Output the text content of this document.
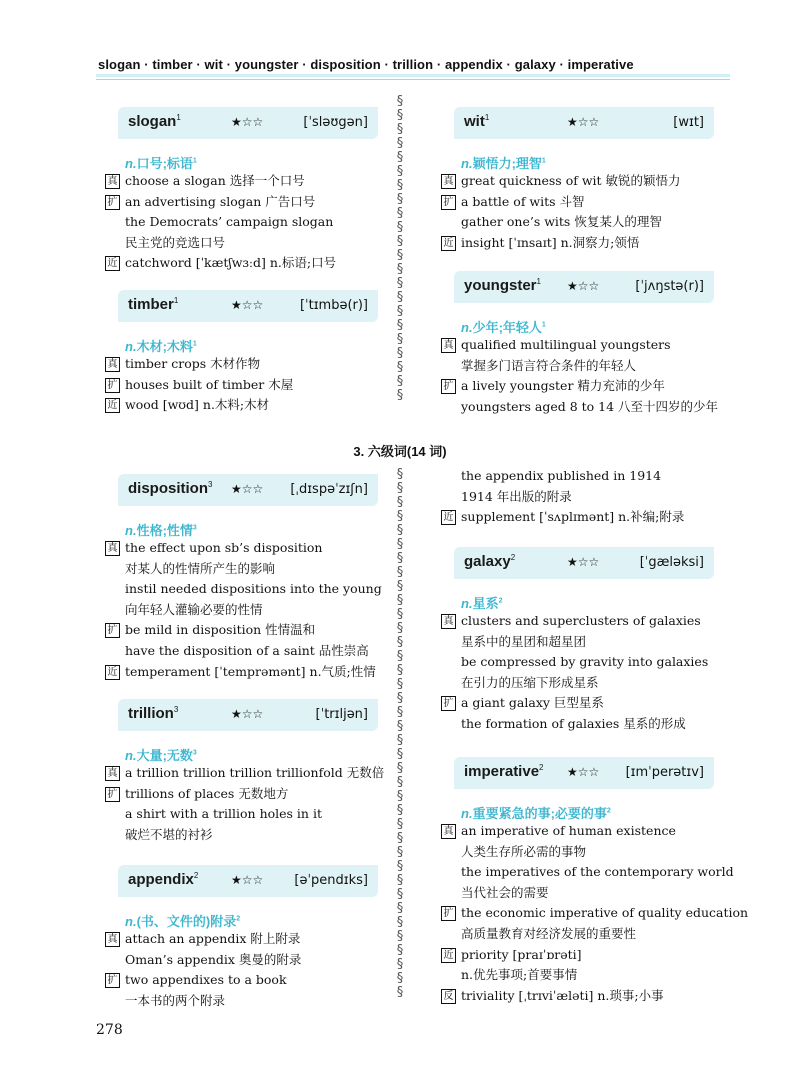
slogan · timber · wit · youngster · disposition · trillion · appendix · galaxy · imperative
§
§
§
§
§
§
§
§
§
§
§
§
§
§
§
§
§
§
§
§
§
§
§
§
§
§
§
§
§
§
§
§
§
§
§
§
§
§
§
§
§
§
§
§
§
§
§
§
§
§
§
§
§
§
§
§
§
§
§
§
3. 六级词(14 词)
slogan$^1$	★☆☆	[ˈsləʊgən]
n.口号;标语$^1$
真 choose a slogan 选择一个口号
扩 an advertising slogan 广告口号
the Democrats’ campaign slogan
民主党的竞选口号
近 catchword [ˈkætʃwɜːd] n.标语;口号
timber$^1$	★☆☆	[ˈtɪmbə(r)]
n.木材;木料$^1$
真 timber crops 木材作物
扩 houses built of timber 木屋
近 wood [wʊd] n.木料;木材
wit$^1$	★☆☆	[wɪt]
n.颖悟力;理智$^1$
真 great quickness of wit 敏锐的颖悟力
扩 a battle of wits 斗智
gather one’s wits 恢复某人的理智
近 insight [ˈɪnsaɪt] n.洞察力;领悟
youngster$^1$ ★☆☆	[ˈjʌŋstə(r)]
n.少年;年轻人$^1$
真 qualified multilingual youngsters
掌握多门语言符合条件的年轻人
扩 a lively youngster 精力充沛的少年
youngsters aged 8 to 14 八至十四岁的少年
disposition$^3$ ★☆☆ [ˌdɪspəˈzɪʃn]
n.性格;性情$^3$
真 the effect upon sb’s disposition
对某人的性情所产生的影响
instil needed dispositions into the young
向年轻人灌输必要的性情
扩 be mild in disposition 性情温和
have the disposition of a saint 品性崇高
近 temperament [ˈtemprəmənt] n.气质;性情
trillion$^3$	★☆☆	[ˈtrɪljən]
n.大量;无数$^3$
真 a trillion trillion trillion trillionfold 无数倍
扩 trillions of places 无数地方
a shirt with a trillion holes in it
破烂不堪的衬衫
appendix$^2$	★☆☆ [əˈpendɪks]
n.(书、文件的)附录$^2$
真 attach an appendix 附上附录
Oman’s appendix 奥曼的附录
扩 two appendixes to a book
一本书的两个附录
the appendix published in 1914
1914 年出版的附录
近 supplement [ˈsʌplɪmənt] n.补编;附录
galaxy$^2$	★☆☆	[ˈgæləksi]
n.星系$^2$
真 clusters and superclusters of galaxies
星系中的星团和超星团
be compressed by gravity into galaxies
在引力的压缩下形成星系
扩 a giant galaxy 巨型星系
the formation of galaxies 星系的形成
imperative$^2$ ★☆☆ [ɪmˈperətɪv]
n.重要紧急的事;必要的事$^2$
真 an imperative of human existence
人类生存所必需的事物
the imperatives of the contemporary world
当代社会的需要
扩 the economic imperative of quality education
高质量教育对经济发展的重要性
近 priority [praɪˈɒrəti]
n.优先事项;首要事情
反 triviality [ˌtrɪviˈæləti] n.琐事;小事
278
